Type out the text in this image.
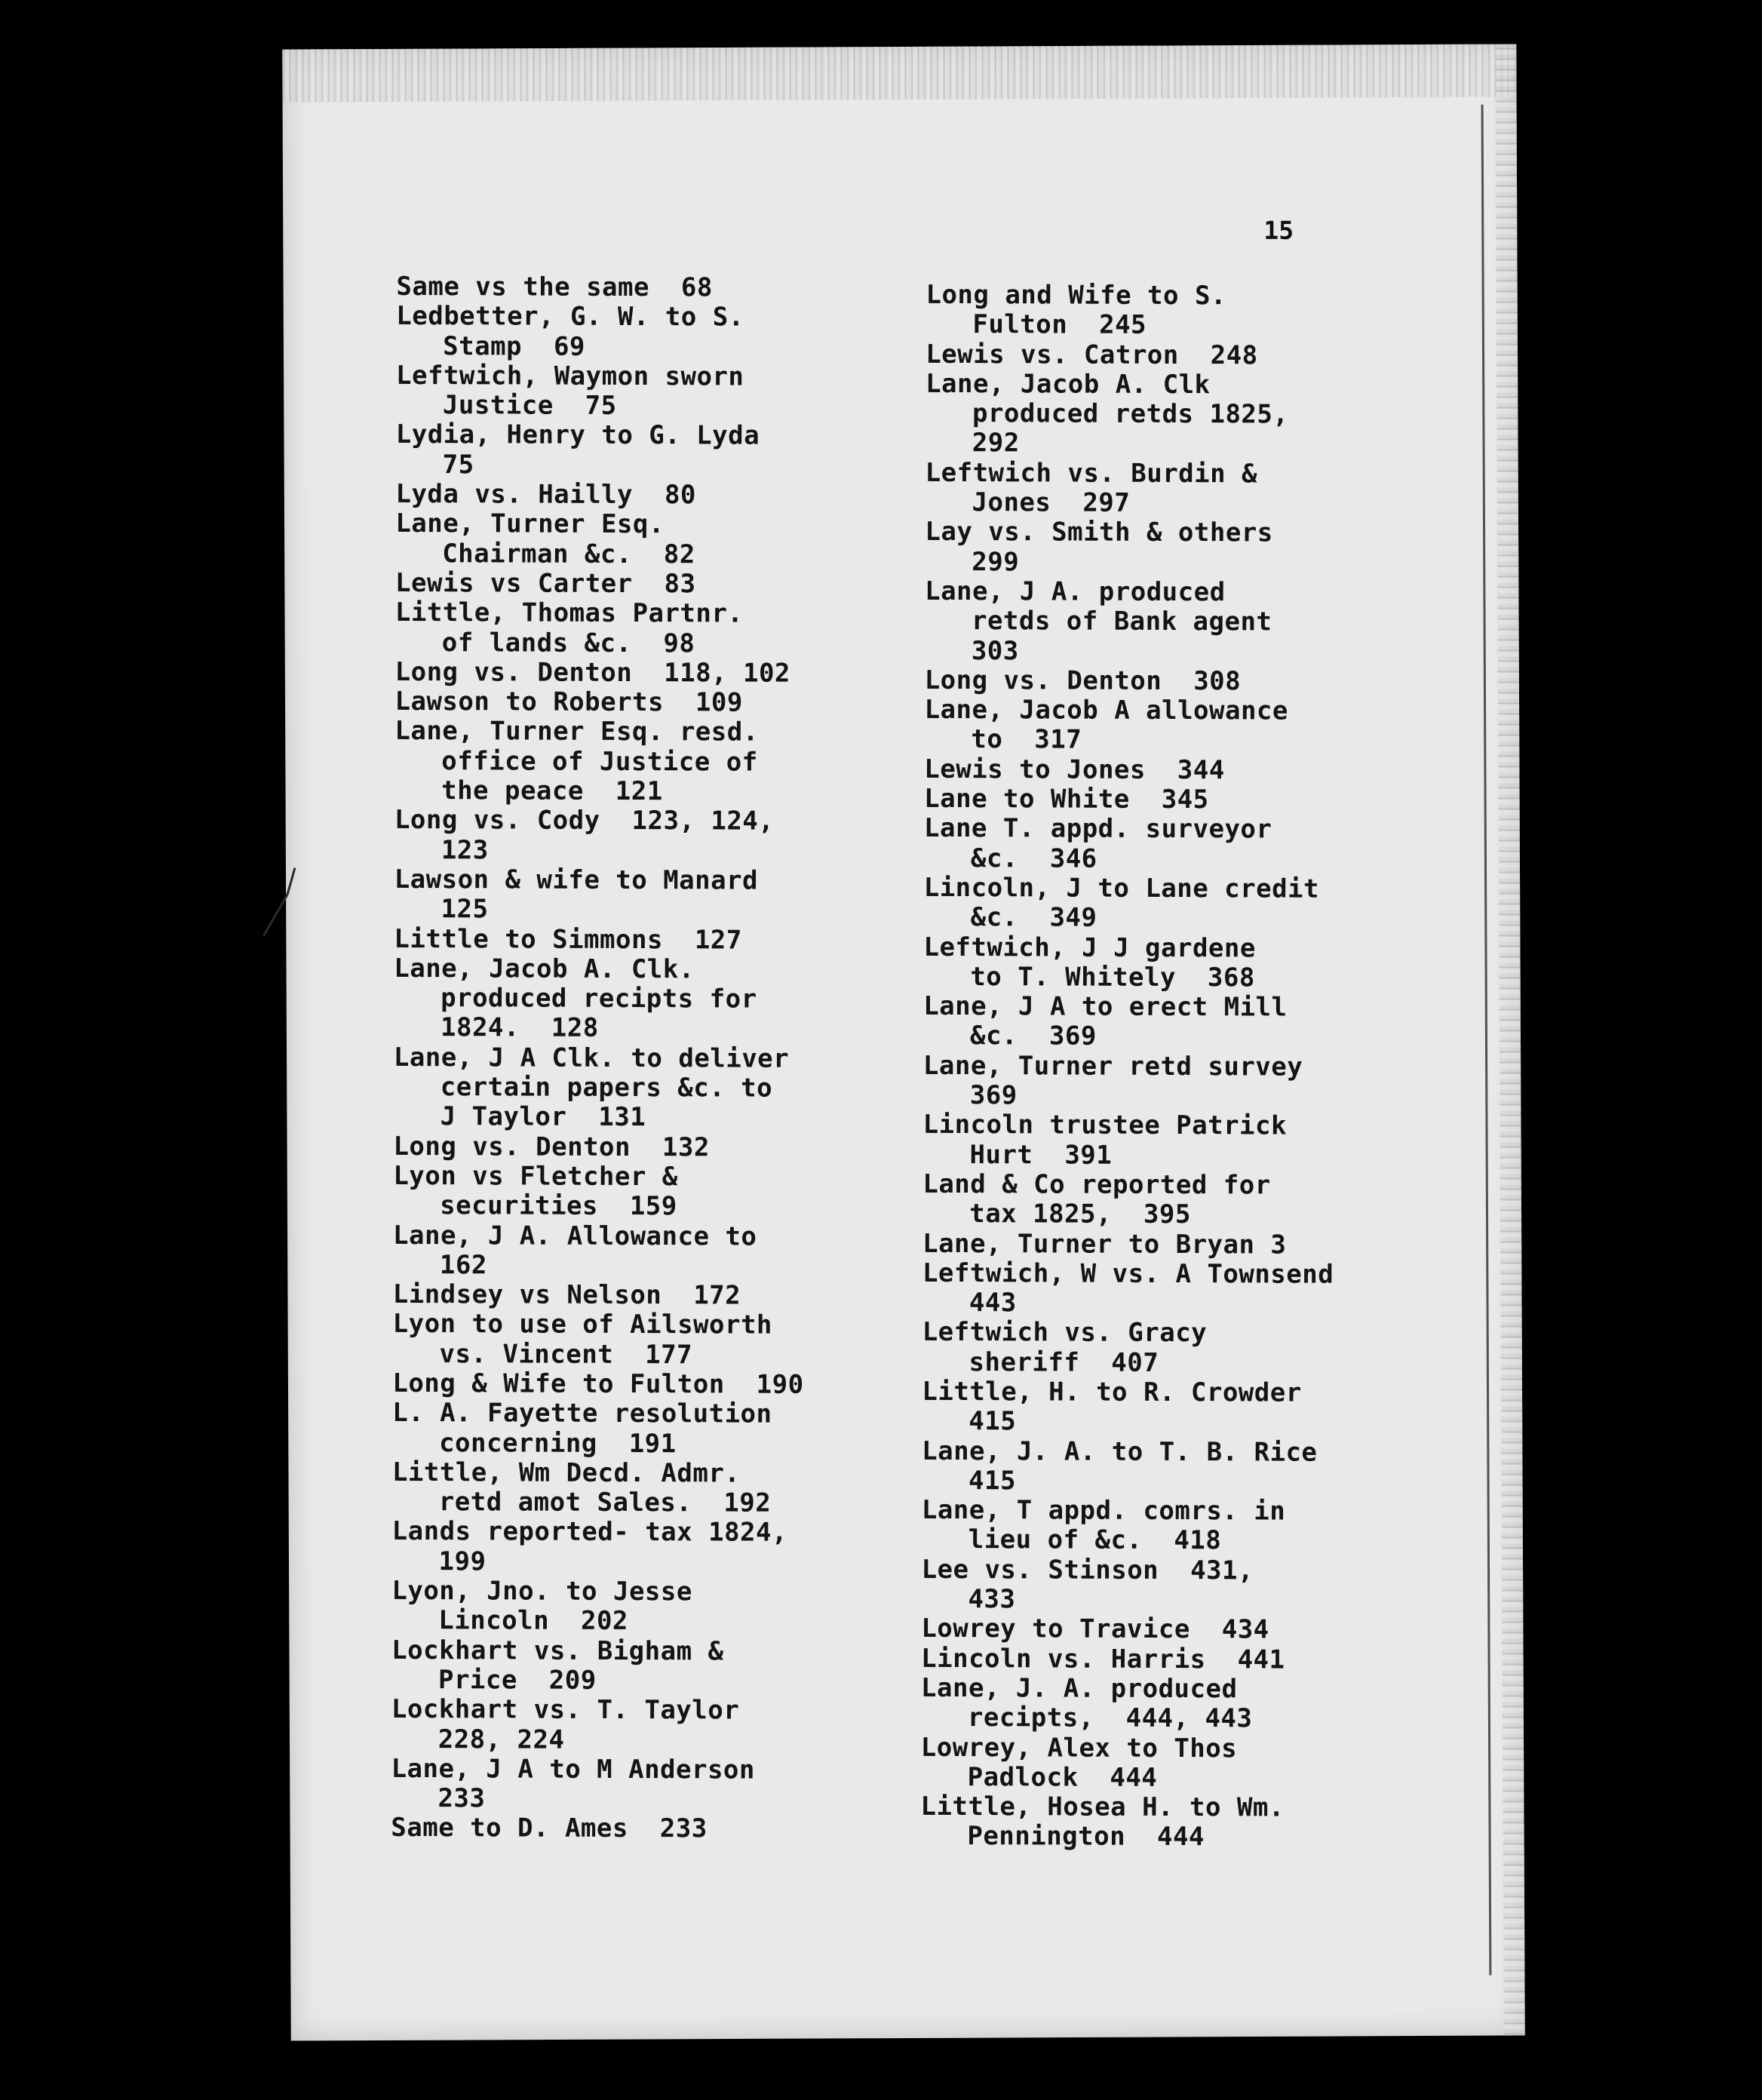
15
Same vs the same  68
Ledbetter, G. W. to S.
Stamp  69
Leftwich, Waymon sworn
Justice  75
Lydia, Henry to G. Lyda
75
Lyda vs. Hailly  80
Lane, Turner Esq.
Chairman &c.  82
Lewis vs Carter  83
Little, Thomas Partnr.
of lands &c.  98
Long vs. Denton  118, 102
Lawson to Roberts  109
Lane, Turner Esq. resd.
office of Justice of
the peace  121
Long vs. Cody  123, 124,
123
Lawson & wife to Manard
125
Little to Simmons  127
Lane, Jacob A. Clk.
produced recipts for
1824.  128
Lane, J A Clk. to deliver
certain papers &c. to
J Taylor  131
Long vs. Denton  132
Lyon vs Fletcher &
securities  159
Lane, J A. Allowance to
162
Lindsey vs Nelson  172
Lyon to use of Ailsworth
vs. Vincent  177
Long & Wife to Fulton  190
L. A. Fayette resolution
concerning  191
Little, Wm Decd. Admr.
retd amot Sales.  192
Lands reported- tax 1824,
199
Lyon, Jno. to Jesse
Lincoln  202
Lockhart vs. Bigham &
Price  209
Lockhart vs. T. Taylor
228, 224
Lane, J A to M Anderson
233
Same to D. Ames  233
Long and Wife to S.
Fulton  245
Lewis vs. Catron  248
Lane, Jacob A. Clk
produced retds 1825,
292
Leftwich vs. Burdin &
Jones  297
Lay vs. Smith & others
299
Lane, J A. produced
retds of Bank agent
303
Long vs. Denton  308
Lane, Jacob A allowance
to  317
Lewis to Jones  344
Lane to White  345
Lane T. appd. surveyor
&c.  346
Lincoln, J to Lane credit
&c.  349
Leftwich, J J gardene
to T. Whitely  368
Lane, J A to erect Mill
&c.  369
Lane, Turner retd survey
369
Lincoln trustee Patrick
Hurt  391
Land & Co reported for
tax 1825,  395
Lane, Turner to Bryan 3
Leftwich, W vs. A Townsend
443
Leftwich vs. Gracy
sheriff  407
Little, H. to R. Crowder
415
Lane, J. A. to T. B. Rice
415
Lane, T appd. comrs. in
lieu of &c.  418
Lee vs. Stinson  431,
433
Lowrey to Travice  434
Lincoln vs. Harris  441
Lane, J. A. produced
recipts,  444, 443
Lowrey, Alex to Thos
Padlock  444
Little, Hosea H. to Wm.
Pennington  444
